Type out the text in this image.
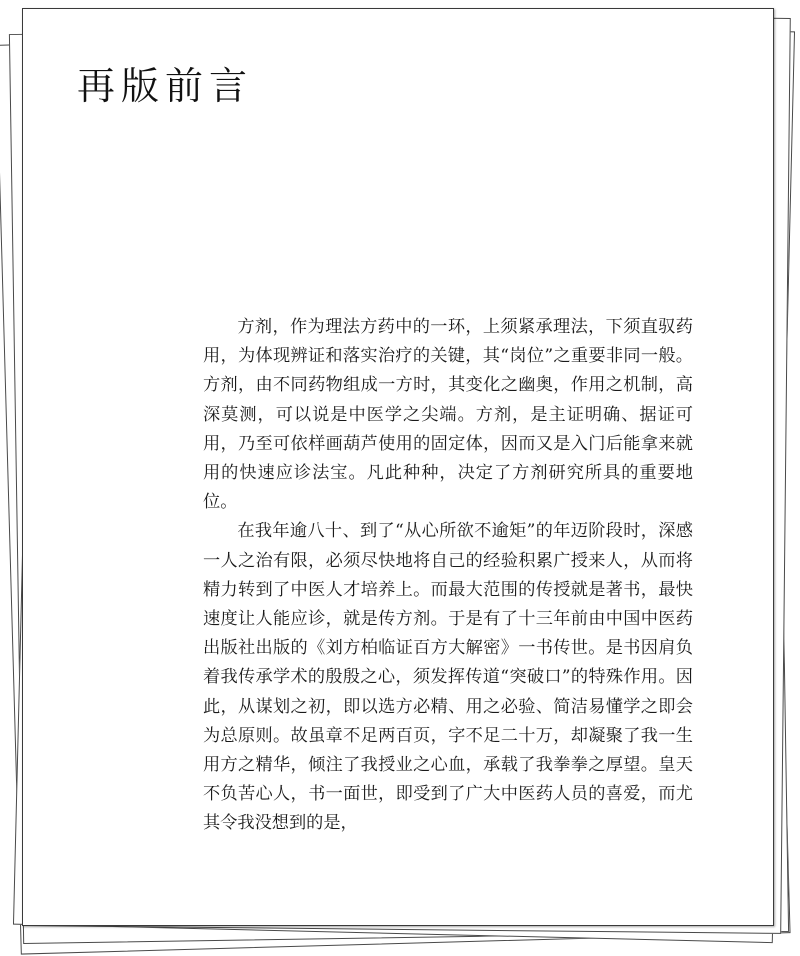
再版前言

方剂，作为理法方药中的一环，上须紧承理法，下须直驭药用，为体现辨证和落实治疗的关键，其“岗位”之重要非同一般。方剂，由不同药物组成一方时，其变化之幽奥，作用之机制，高深莫测，可以说是中医学之尖端。方剂，是主证明确、据证可用，乃至可依样画葫芦使用的固定体，因而又是入门后能拿来就用的快速应诊法宝。凡此种种，决定了方剂研究所具的重要地位。

在我年逾八十、到了“从心所欲不逾矩”的年迈阶段时，深感一人之治有限，必须尽快地将自己的经验积累广授来人，从而将精力转到了中医人才培养上。而最大范围的传授就是著书，最快速度让人能应诊，就是传方剂。于是有了十三年前由中国中医药出版社出版的《刘方柏临证百方大解密》一书传世。是书因肩负着我传承学术的殷殷之心，须发挥传道“突破口”的特殊作用。因此，从谋划之初，即以选方必精、用之必验、简洁易懂学之即会为总原则。故虽章不足两百页，字不足二十万，却凝聚了我一生用方之精华，倾注了我授业之心血，承载了我拳拳之厚望。皇天不负苦心人，书一面世，即受到了广大中医药人员的喜爱，而尤其令我没想到的是，
